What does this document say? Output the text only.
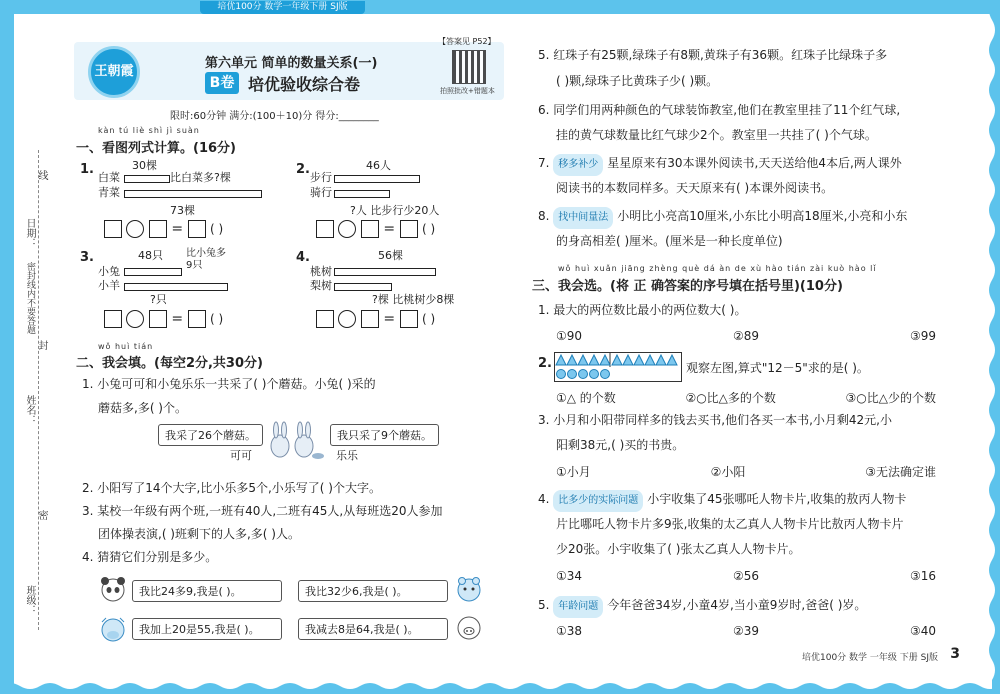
培优100分 数学一年级下册 SJ版
日期：
线
密封线内不要答题
封
姓名：
密
班级：
王朝霞
第六单元 简单的数量关系(一)
B卷 培优验收综合卷
【答案见 P52】
拍照批改+错题本
限时:60分钟 满分:(100＋10)分 得分:________
kàn tú liè shì jì suàn
一、看图列式计算。(16分)
1.	30棵
白菜
青菜
比白菜多?棵
73棵
2.	46人
步行
骑行
?人 比步行少20人
= ( )	= ( )
3.	48只 比小兔多9只
小兔
小羊
?只
4.	56棵
桃树
梨树
?棵 比桃树少8棵
= ( )	= ( )
wǒ huì tián
二、我会填。(每空2分,共30分)
1. 小兔可可和小兔乐乐一共采了( )个蘑菇。小兔( )采的
蘑菇多,多( )个。
我采了26个蘑菇。	我只采了9个蘑菇。
可可	乐乐
2. 小阳写了14个大字,比小乐多5个,小乐写了( )个大字。
3. 某校一年级有两个班,一班有40人,二班有45人,从每班选20人参加
团体操表演,( )班剩下的人多,多( )人。
4. 猜猜它们分别是多少。
我比24多9,我是( )。	我比32少6,我是( )。
我加上20是55,我是( )。	我减去8是64,我是( )。
5. 红珠子有25颗,绿珠子有8颗,黄珠子有36颗。红珠子比绿珠子多
( )颗,绿珠子比黄珠子少( )颗。
6. 同学们用两种颜色的气球装饰教室,他们在教室里挂了11个红气球,
挂的黄气球数量比红气球少2个。教室里一共挂了( )个气球。
7. 移多补少 星星原来有30本课外阅读书,天天送给他4本后,两人课外
阅读书的本数同样多。天天原来有( )本课外阅读书。
8. 找中间量法 小明比小亮高10厘米,小东比小明高18厘米,小亮和小东
的身高相差( )厘米。(厘米是一种长度单位)
wǒ huì xuǎn jiāng zhèng què dá àn de xù hào tián zài kuò hào lǐ
三、我会选。(将 正 确答案的序号填在括号里)(10分)
1. 最大的两位数比最小的两位数大( )。
①90	②89	③99
2.	观察左图,算式"12－5"求的是( )。
①△ 的个数	②○比△多的个数	③○比△少的个数
3. 小月和小阳带同样多的钱去买书,他们各买一本书,小月剩42元,小
阳剩38元,( )买的书贵。
①小月	②小阳	③无法确定谁
4. 比多少的实际问题 小宇收集了45张哪吒人物卡片,收集的敖丙人物卡
片比哪吒人物卡片多9张,收集的太乙真人人物卡片比敖丙人物卡片
少20张。小宇收集了( )张太乙真人人物卡片。
①34	②56	③16
5. 年龄问题 今年爸爸34岁,小童4岁,当小童9岁时,爸爸( )岁。
①38	②39	③40
培优100分 数学 一年级 下册 SJ版 3
